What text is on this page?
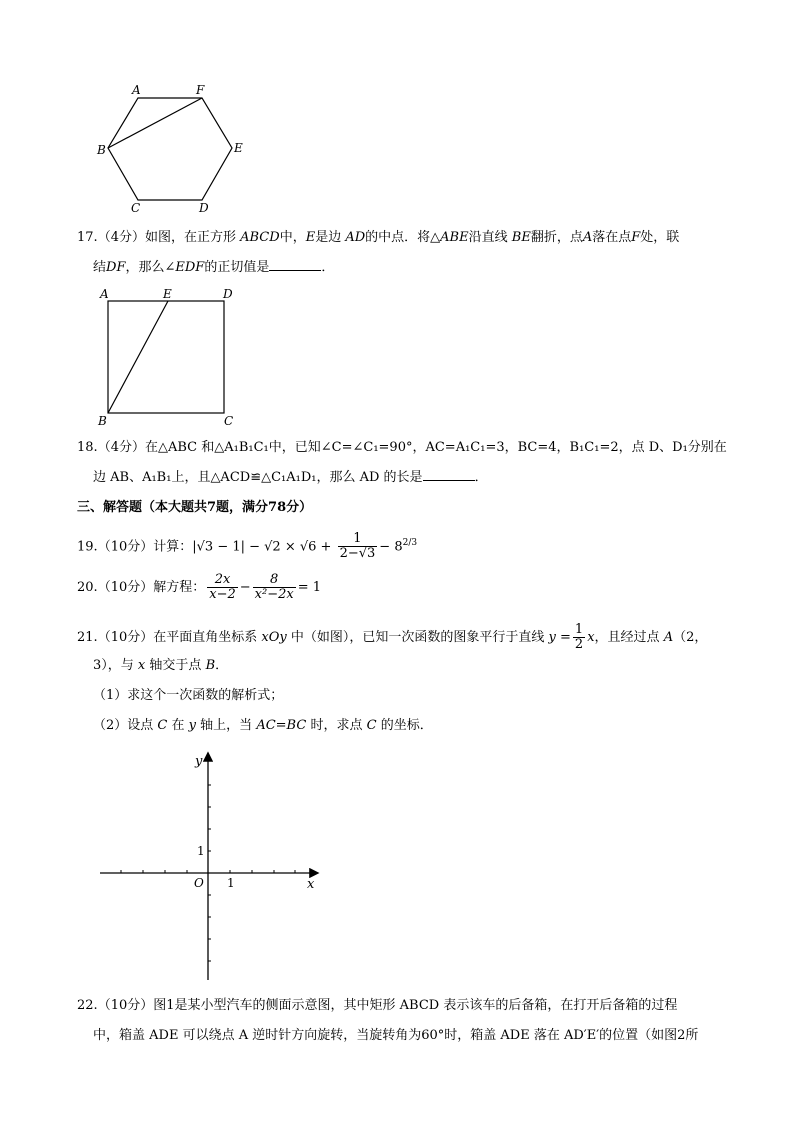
A	F
B	E
C	D
17.（4分）如图，在正方形 ABCD中，E是边 AD的中点．将△ABE沿直线 BE翻折，点A落在点F处，联
结DF，那么∠EDF的正切值是	．
A	E	D
B	C
18.（4分）在△ABC 和△A₁B₁C₁中，已知∠C=∠C₁=90°，AC=A₁C₁=3，BC=4，B₁C₁=2，点 D、D₁分别在
边 AB、A₁B₁上，且△ACD≌△C₁A₁D₁，那么 AD 的长是	．
三、解答题（本大题共7题，满分78分）
19.（10分）计算：$|√3 - 1| - √2 \times √6 + \frac{1}{2-√3} - 8^{2/3}$
20.（10分）解方程： $\frac{2x}{x-2} - \frac{8}{\text{x²−2x}} = 1$
21.（10分）在平面直角坐标系 xOy 中（如图），已知一次函数的图象平行于直线 $y = \frac{1}{2}$ x，且经过点 A（2，
3），与 x 轴交于点 B．
（1）求这个一次函数的解析式；
（2）设点 C 在 y 轴上，当 AC=BC 时，求点 C 的坐标．
y
x
O 1
1
22.（10分）图1是某小型汽车的侧面示意图，其中矩形 ABCD 表示该车的后备箱，在打开后备箱的过程
中，箱盖 ADE 可以绕点 A 逆时针方向旋转，当旋转角为60°时，箱盖 ADE 落在 AD′E′的位置（如图2所
